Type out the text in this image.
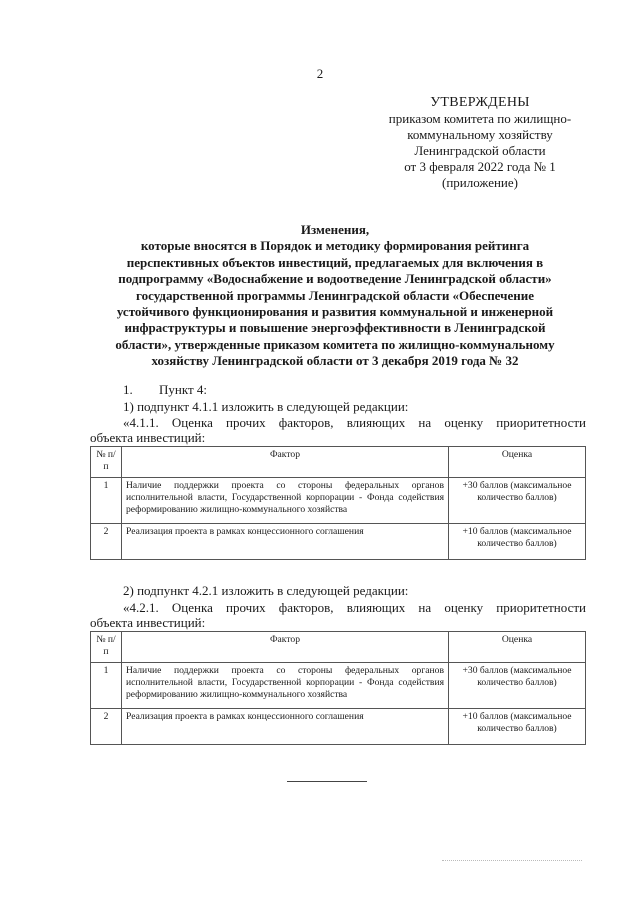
2
УТВЕРЖДЕНЫ
приказом комитета по жилищно-
коммунальному хозяйству
Ленинградской области
от 3 февраля 2022 года № 1
(приложение)
Изменения,
которые вносятся в Порядок и методику формирования рейтинга
перспективных объектов инвестиций, предлагаемых для включения в
подпрограмму «Водоснабжение и водоотведение Ленинградской области»
государственной программы Ленинградской области «Обеспечение
устойчивого функционирования и развития коммунальной и инженерной
инфраструктуры и повышение энергоэффективности в Ленинградской
области», утвержденные приказом комитета по жилищно-коммунальному
хозяйству Ленинградской области от 3 декабря 2019 года № 32
1. Пункт 4:
1) подпункт 4.1.1 изложить в следующей редакции:
«4.1.1. Оценка прочих факторов, влияющих на оценку приоритетности
объекта инвестиций:
№ п/п	Фактор	Оценка
1	Наличие поддержки проекта со стороны федеральных органов исполнительной власти, Государственной корпорации - Фонда содействия реформированию жилищно-коммунального хозяйства	+30 баллов (максимальное количество баллов)
2	Реализация проекта в рамках концессионного соглашения	+10 баллов (максимальное количество баллов)
2) подпункт 4.2.1 изложить в следующей редакции:
«4.2.1. Оценка прочих факторов, влияющих на оценку приоритетности
объекта инвестиций:
№ п/п	Фактор	Оценка
1	Наличие поддержки проекта со стороны федеральных органов исполнительной власти, Государственной корпорации - Фонда содействия реформированию жилищно-коммунального хозяйства	+30 баллов (максимальное количество баллов)
2	Реализация проекта в рамках концессионного соглашения	+10 баллов (максимальное количество баллов)
